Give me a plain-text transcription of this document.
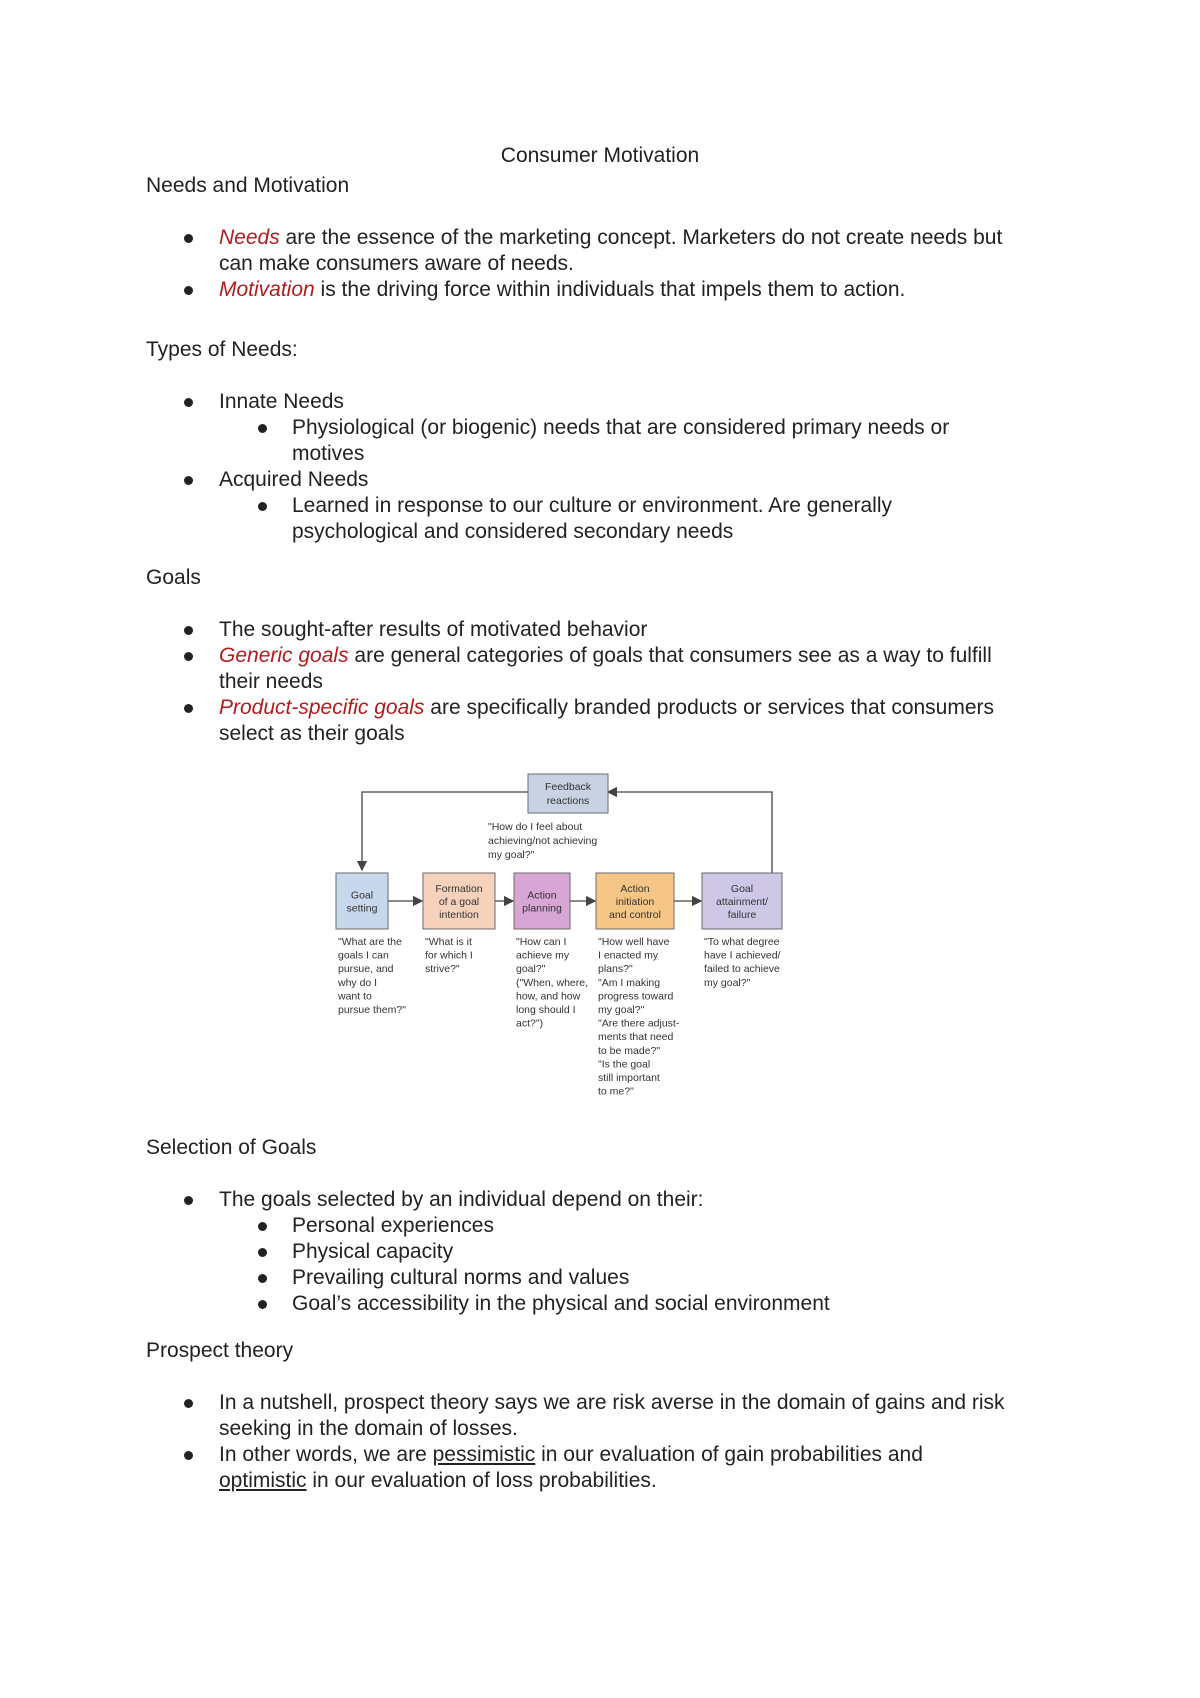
Consumer Motivation
Needs and Motivation
Needs are the essence of the marketing concept. Marketers do not create needs but
can make consumers aware of needs.
Motivation is the driving force within individuals that impels them to action.
Types of Needs:
Innate Needs
Physiological (or biogenic) needs that are considered primary needs or
motives
Acquired Needs
Learned in response to our culture or environment. Are generally
psychological and considered secondary needs
Goals
The sought-after results of motivated behavior
Generic goals are general categories of goals that consumers see as a way to fulfill
their needs
Product-specific goals are specifically branded products or services that consumers
select as their goals
Feedback
reactions
"How do I feel about
achieving/not achieving
my goal?"
Goal
setting
"What are the
goals I can
pursue, and
why do I
want to
pursue them?"
Formation
of a goal
intention
"What is it
for which I
strive?"
Action
planning
"How can I
achieve my
goal?"
("When, where,
how, and how
long should I
act?")
Action
initiation
and control
"How well have
I enacted my
plans?"
"Am I making
progress toward
my goal?"
"Are there adjust-
ments that need
to be made?"
"Is the goal
still important
to me?"
Goal
attainment/
failure
"To what degree
have I achieved/
failed to achieve
my goal?"
Selection of Goals
The goals selected by an individual depend on their:
Personal experiences
Physical capacity
Prevailing cultural norms and values
Goal’s accessibility in the physical and social environment
Prospect theory
In a nutshell, prospect theory says we are risk averse in the domain of gains and risk
seeking in the domain of losses.
In other words, we are pessimistic in our evaluation of gain probabilities and
optimistic in our evaluation of loss probabilities.
